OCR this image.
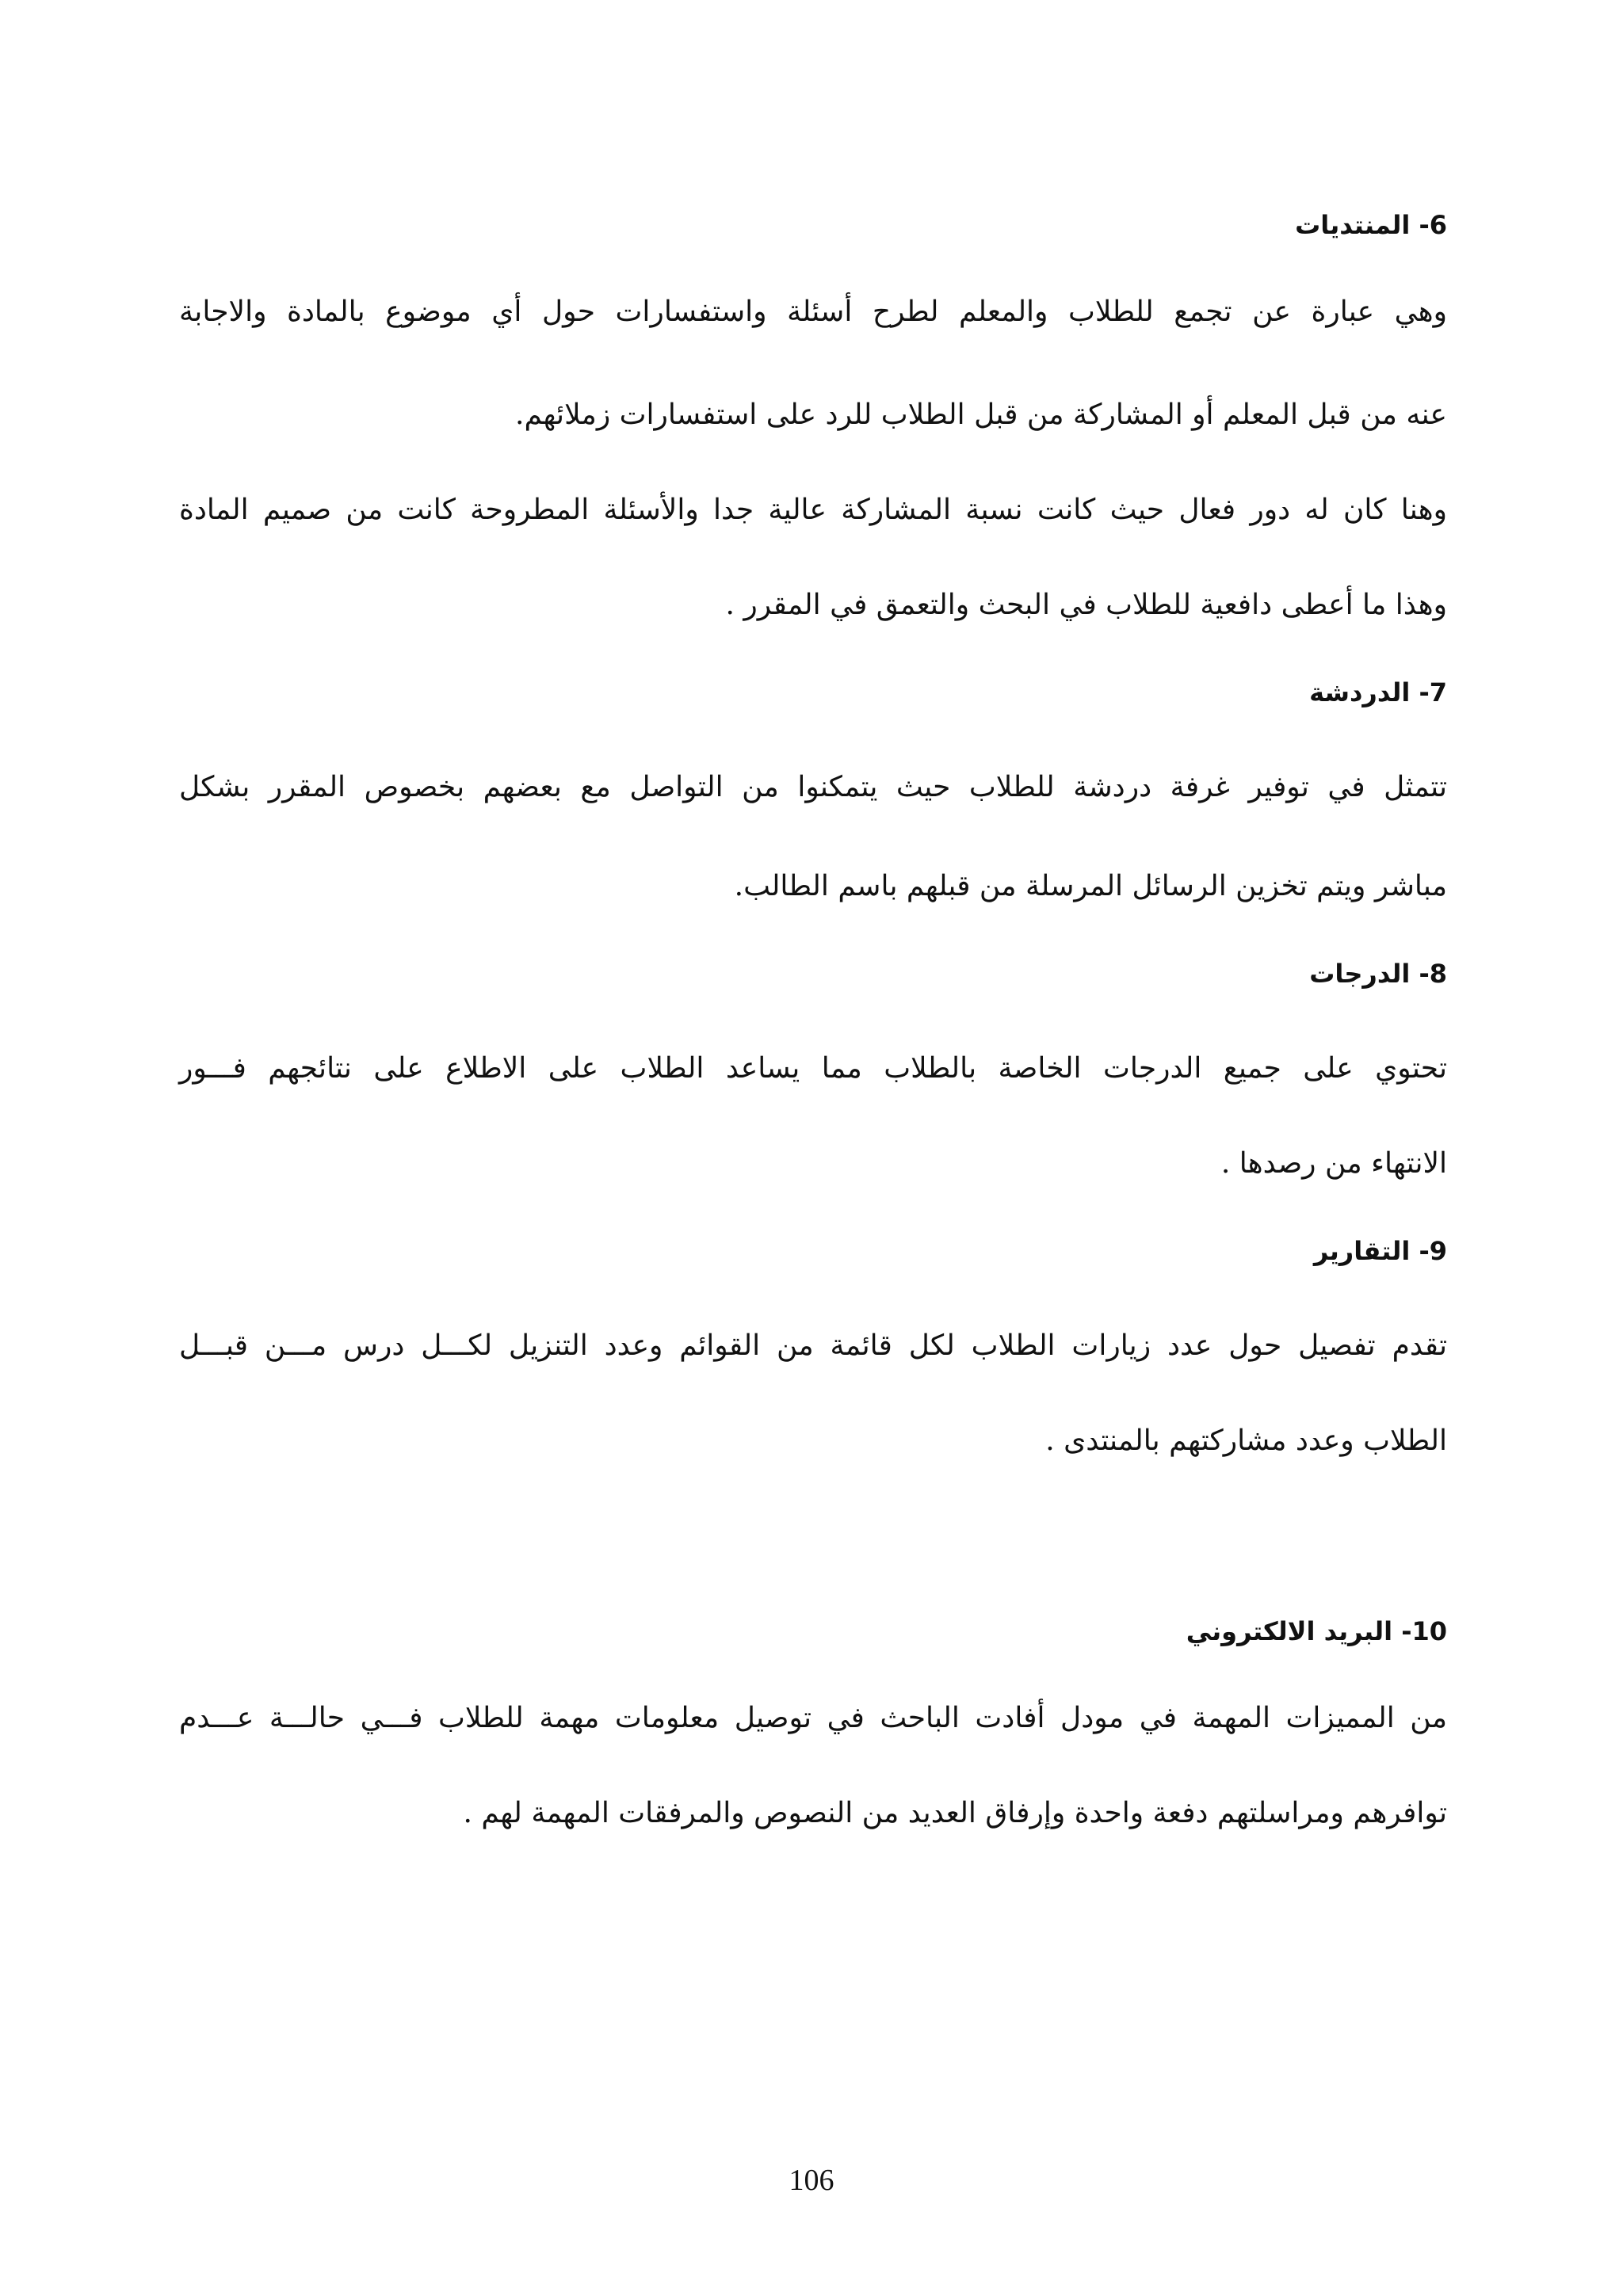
6- المنتديات
وهي عبارة عن تجمع للطلاب والمعلم لطرح أسئلة واستفسارات حول أي موضوع بالمادة والاجابة
عنه من قبل المعلم أو المشاركة من قبل الطلاب للرد على استفسارات زملائهم.
وهنا كان له دور فعال حيث كانت نسبة المشاركة عالية جدا والأسئلة المطروحة كانت من صميم المادة
وهذا ما أعطى دافعية للطلاب في البحث والتعمق في المقرر .
7- الدردشة
تتمثل في توفير غرفة دردشة للطلاب حيث يتمكنوا من التواصل مع بعضهم بخصوص المقرر بشكل
مباشر ويتم تخزين الرسائل المرسلة من قبلهم باسم الطالب.
8- الدرجات
تحتوي على جميع الدرجات الخاصة بالطلاب مما يساعد الطلاب على الاطلاع على نتائجهم فـــور
الانتهاء من رصدها .
9- التقارير
تقدم تفصيل حول عدد زيارات الطلاب لكل قائمة من القوائم وعدد التنزيل لكـــل درس مـــن قبـــل
الطلاب وعدد مشاركتهم بالمنتدى .
10- البريد الالكتروني
من المميزات المهمة في مودل أفادت الباحث في توصيل معلومات مهمة للطلاب فـــي حالـــة عـــدم
توافرهم ومراسلتهم دفعة واحدة وإرفاق العديد من النصوص والمرفقات المهمة لهم .
106
